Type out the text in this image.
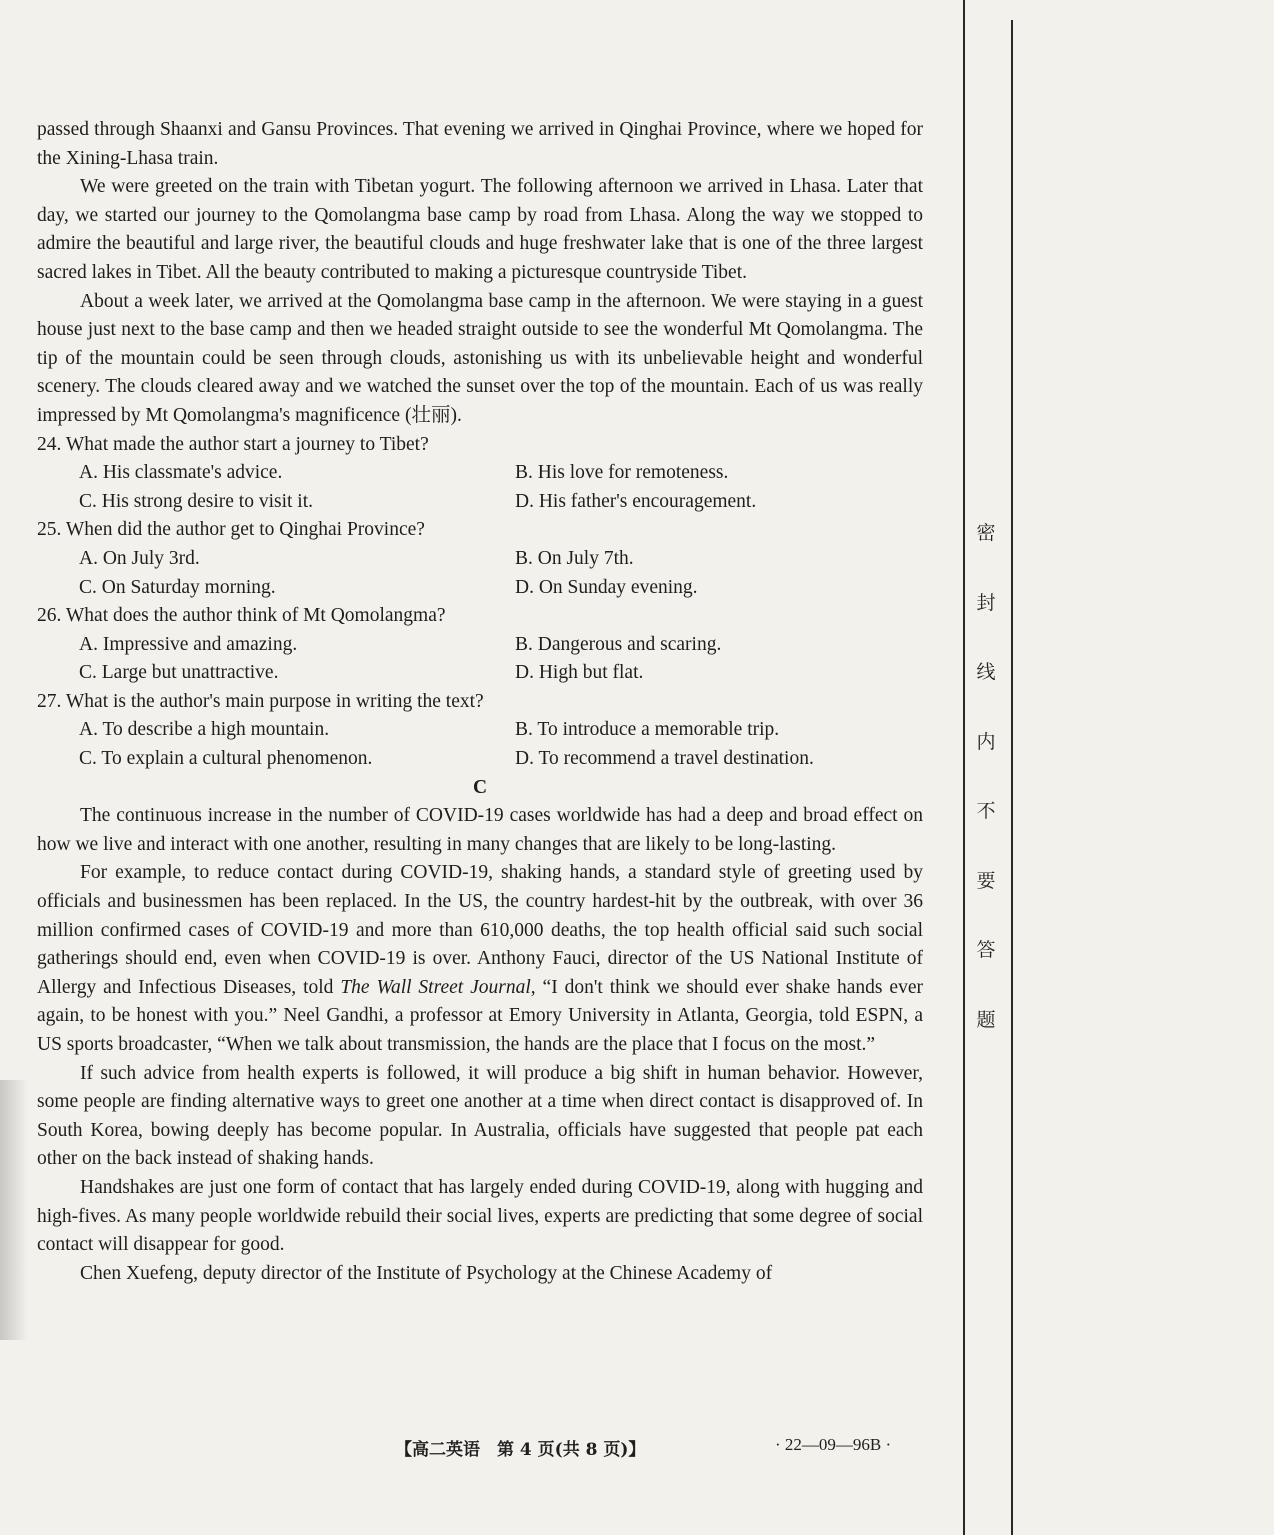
passed through Shaanxi and Gansu Provinces. That evening we arrived in Qinghai Province, where we hoped for the Xining-Lhasa train.

We were greeted on the train with Tibetan yogurt. The following afternoon we arrived in Lhasa. Later that day, we started our journey to the Qomolangma base camp by road from Lhasa. Along the way we stopped to admire the beautiful and large river, the beautiful clouds and huge freshwater lake that is one of the three largest sacred lakes in Tibet. All the beauty contributed to making a picturesque countryside Tibet.

About a week later, we arrived at the Qomolangma base camp in the afternoon. We were staying in a guest house just next to the base camp and then we headed straight outside to see the wonderful Mt Qomolangma. The tip of the mountain could be seen through clouds, astonishing us with its unbelievable height and wonderful scenery. The clouds cleared away and we watched the sunset over the top of the mountain. Each of us was really impressed by Mt Qomolangma's magnificence (壮丽).

24. What made the author start a journey to Tibet?
A. His classmate's advice.	B. His love for remoteness.
C. His strong desire to visit it.	D. His father's encouragement.
25. When did the author get to Qinghai Province?
A. On July 3rd.	B. On July 7th.
C. On Saturday morning.	D. On Sunday evening.
26. What does the author think of Mt Qomolangma?
A. Impressive and amazing.	B. Dangerous and scaring.
C. Large but unattractive.	D. High but flat.
27. What is the author's main purpose in writing the text?
A. To describe a high mountain.	B. To introduce a memorable trip.
C. To explain a cultural phenomenon.	D. To recommend a travel destination.
C

The continuous increase in the number of COVID-19 cases worldwide has had a deep and broad effect on how we live and interact with one another, resulting in many changes that are likely to be long-lasting.

For example, to reduce contact during COVID-19, shaking hands, a standard style of greeting used by officials and businessmen has been replaced. In the US, the country hardest-hit by the outbreak, with over 36 million confirmed cases of COVID-19 and more than 610,000 deaths, the top health official said such social gatherings should end, even when COVID-19 is over. Anthony Fauci, director of the US National Institute of Allergy and Infectious Diseases, told The Wall Street Journal, “I don't think we should ever shake hands ever again, to be honest with you.” Neel Gandhi, a professor at Emory University in Atlanta, Georgia, told ESPN, a US sports broadcaster, “When we talk about transmission, the hands are the place that I focus on the most.”

If such advice from health experts is followed, it will produce a big shift in human behavior. However, some people are finding alternative ways to greet one another at a time when direct contact is disapproved of. In South Korea, bowing deeply has become popular. In Australia, officials have suggested that people pat each other on the back instead of shaking hands.

Handshakes are just one form of contact that has largely ended during COVID-19, along with hugging and high-fives. As many people worldwide rebuild their social lives, experts are predicting that some degree of social contact will disappear for good.

Chen Xuefeng, deputy director of the Institute of Psychology at the Chinese Academy of

【高二英语　第 4 页(共 8 页)】	· 22—09—96B ·
密
封
线
内
不
要
答
题
